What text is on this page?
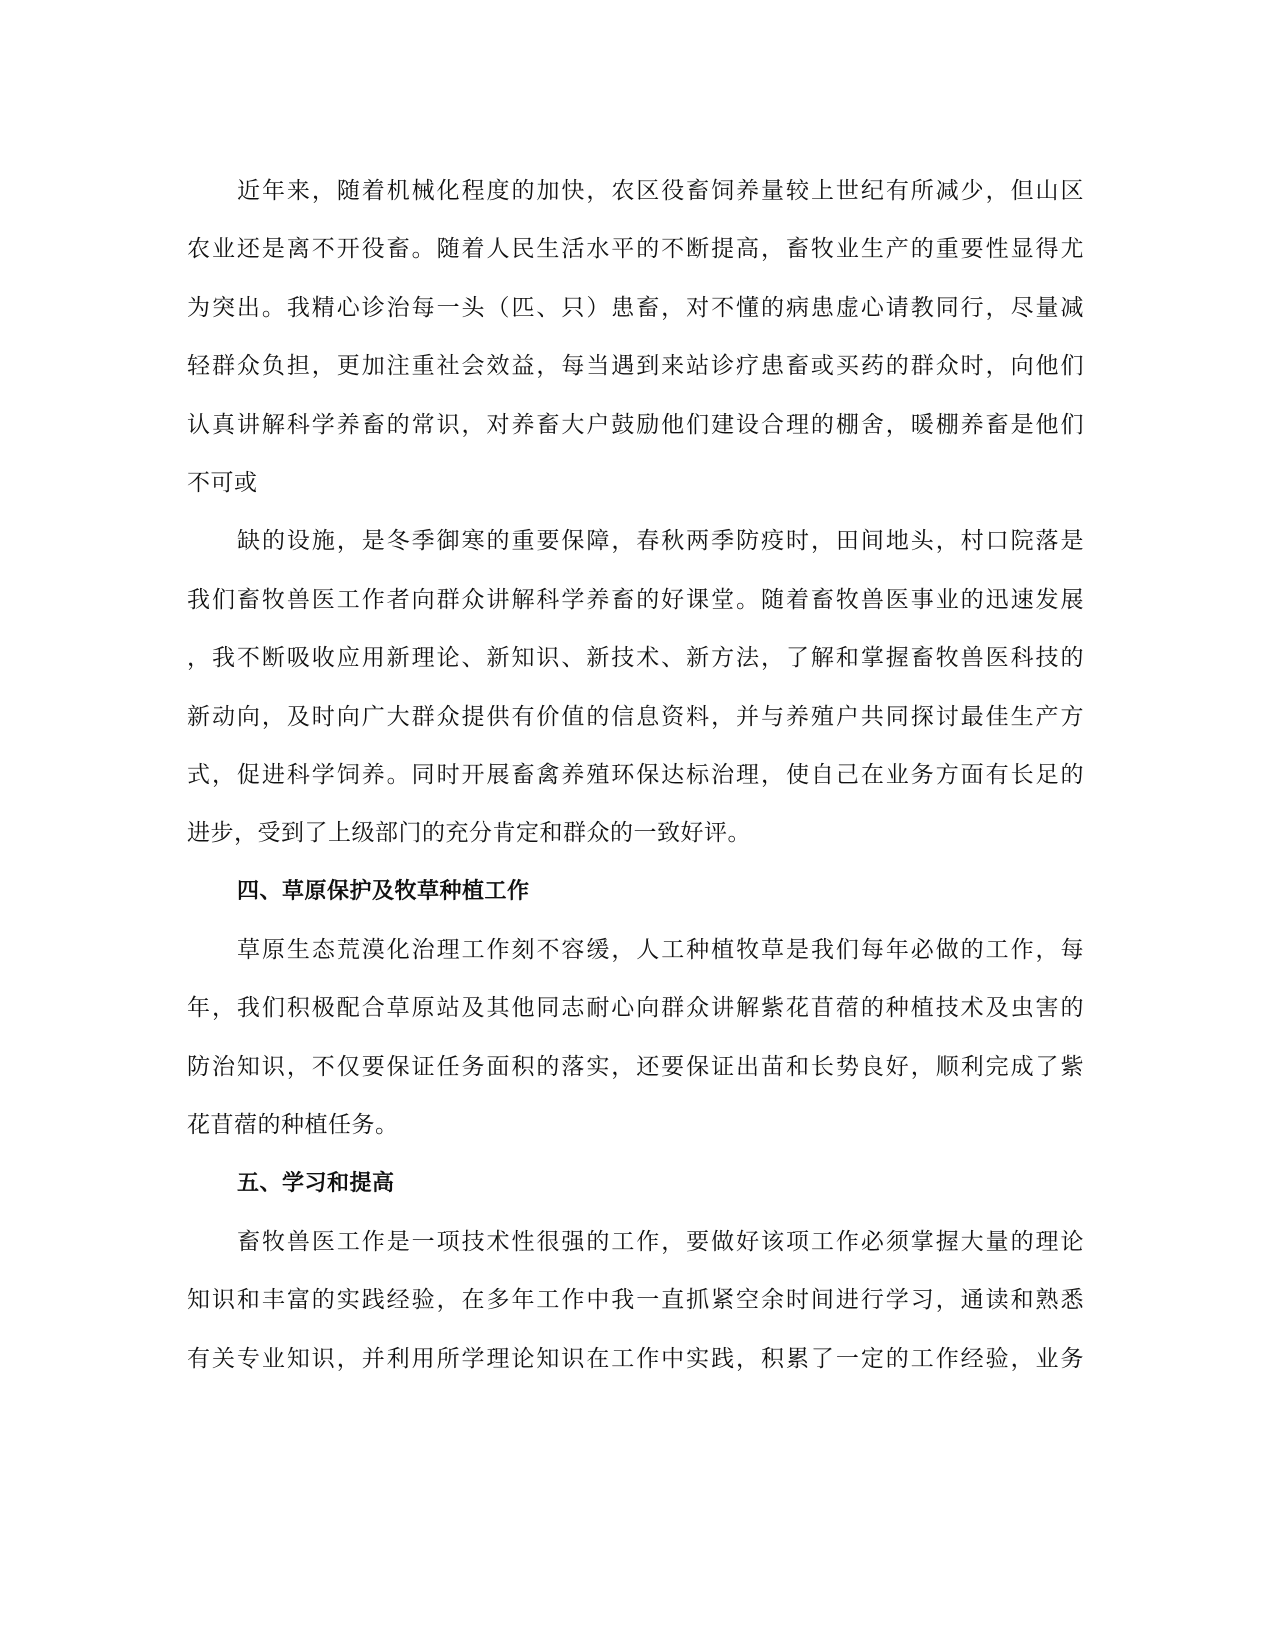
近年来，随着机械化程度的加快，农区役畜饲养量较上世纪有所减少，但山区
农业还是离不开役畜。随着人民生活水平的不断提高，畜牧业生产的重要性显得尤
为突出。我精心诊治每一头（匹、只）患畜，对不懂的病患虚心请教同行，尽量减
轻群众负担，更加注重社会效益，每当遇到来站诊疗患畜或买药的群众时，向他们
认真讲解科学养畜的常识，对养畜大户鼓励他们建设合理的棚舍，暖棚养畜是他们
不可或
缺的设施，是冬季御寒的重要保障，春秋两季防疫时，田间地头，村口院落是
我们畜牧兽医工作者向群众讲解科学养畜的好课堂。随着畜牧兽医事业的迅速发展
，我不断吸收应用新理论、新知识、新技术、新方法，了解和掌握畜牧兽医科技的
新动向，及时向广大群众提供有价值的信息资料，并与养殖户共同探讨最佳生产方
式，促进科学饲养。同时开展畜禽养殖环保达标治理，使自己在业务方面有长足的
进步，受到了上级部门的充分肯定和群众的一致好评。
四、草原保护及牧草种植工作
草原生态荒漠化治理工作刻不容缓，人工种植牧草是我们每年必做的工作，每
年，我们积极配合草原站及其他同志耐心向群众讲解紫花苜蓿的种植技术及虫害的
防治知识，不仅要保证任务面积的落实，还要保证出苗和长势良好，顺利完成了紫
花苜蓿的种植任务。
五、学习和提高
畜牧兽医工作是一项技术性很强的工作，要做好该项工作必须掌握大量的理论
知识和丰富的实践经验，在多年工作中我一直抓紧空余时间进行学习，通读和熟悉
有关专业知识，并利用所学理论知识在工作中实践，积累了一定的工作经验，业务
